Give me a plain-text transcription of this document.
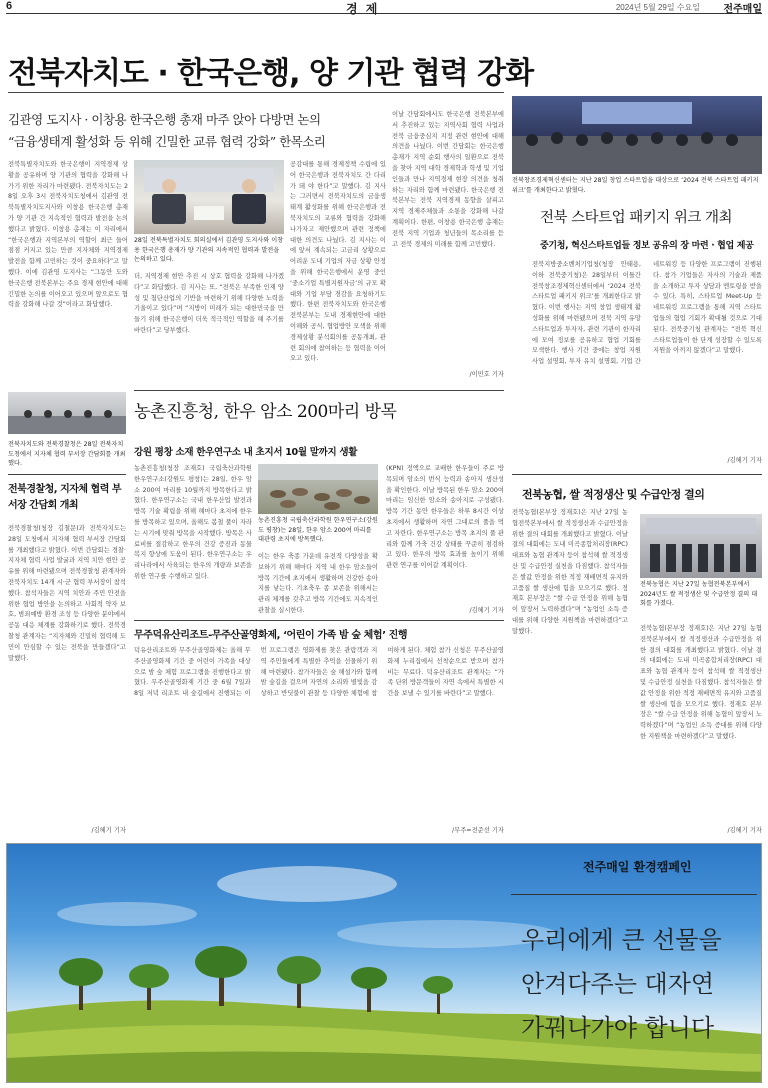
6	경 제	2024년 5월 29일 수요일 전주매일
전북자치도 · 한국은행, 양 기관 협력 강화
김관영 도지사 · 이창용 한국은행 총재 마주 앉아 다방면 논의
“금융생태계 활성화 등 위해 긴밀한 교류 협력 강화” 한목소리
전북특별자치도와 한국은행이 지역경제 상황을 공유하며 양 기관의 협력을 강화해 나가기 위한 자리가 마련됐다. 전북자치도는 28일 오후 3시 전북자치도청에서 김관영 전북특별자치도지사와 이창용 한국은행 총재가 양 기관 간 지속적인 협력과 발전을 논의했다고 밝혔다. 이창용 총재는 이 자리에서 “한국은행과 지역본부의 역할이 최근 들어 점점 커지고 있는 만큼 지자체와 지역경제 발전을 함께 고민하는 것이 중요하다”고 말했다. 이에 김관영 도지사는 “그동안 도와 한국은행 전북본부는 주요 경제 현안에 대해 긴밀한 논의를 이어오고 있으며 앞으로도 협력을 강화해 나갈 것”이라고 화답했다.
28일 전북특별자치도 회의실에서 김관영 도지사와 이창용 한국은행 총재가 양 기관의 지속적인 협력과 발전을 논의하고 있다.
더, 지역경제 현안 추진 시 상호 협력을 강화해 나가겠다”고 화답했다. 김 지사는 또, “전북은 부족한 인재 양성 및 첨단산업의 기반을 마련하기 위해 다양한 노력을 기울이고 있다”며 “지방이 미래가 되는 대한민국을 만들기 위해 한국은행이 더욱 적극적인 역할을 해 주기를 바란다”고 당부했다.
공감대를 통해 경제정책 수립에 있어 한국은행과 전북자치도 간 다리가 돼 야 한다”고 말했다. 김 지사는 그러면서 전북자치도의 금융생태계 활성화를 위해 한국은행과 전북자치도의 교류와 협력을 강화해 나가자고 제안했으며 관련 정책에 대한 의견도 나눴다. 김 지사는 이에 앞서 계속되는 고금리 상황으로 어려운 도내 기업의 자금 상황 안정을 위해 한국은행에서 운영 중인 ‘중소기업 특별지원자금’의 규모 확대와 기업 부담 경감을 요청하기도 했다. 한편 전북자치도와 한국은행 전북본부는 도내 경제현안에 대한 이해와 공식, 협업방안 모색을 위해 경제상황 분석회의를 공동개최, 관련 회의에 참여하는 등 협력을 이어오고 있다.
이날 간담회에서도 한국은행 전북본부에서 추진하고 있는 지역사회 협력 사업과 전북 금융중심지 지정 관련 현안에 대해 의견을 나눴다. 이번 간담회는 한국은행 총재가 지역 순회 행사의 일환으로 전북을 찾아 지역 대학 경제학과 학생 및 기업인들과 만나 지역경제 현장 의견을 청취하는 자리와 함께 마련됐다. 한국은행 전북본부는 전북 지역경제 동향을 살피고 지역 경제주체들과 소통을 강화해 나갈 계획이다. 한편, 이창용 한국은행 총재는 전북 지역 기업과 청년들의 목소리를 듣고 전북 경제의 미래를 함께 고민했다.
/이민호 기자
전북자치도와 전북경찰청은 28일 전북자치도청에서 지자체 협력 부서장 간담회를 개최했다.
전북경찰청, 지자체 협력 부서장 간담회 개최
전북경찰청(청장 김철문)과 전북자치도는 28일 도청에서 지자체 협력 부서장 간담회를 개최했다고 밝혔다. 이번 간담회는 경찰·지자체 협력 사업 발굴과 지역 치안 현안 공유를 위해 마련됐으며 전북경찰청 관계자와 전북자치도 14개 시·군 협력 부서장이 참석했다. 참석자들은 지역 치안과 주민 안전을 위한 협업 방안을 논의하고 사회적 약자 보호, 범죄예방 환경 조성 등 다양한 분야에서 공동 대응 체계를 강화하기로 했다. 전북경찰청 관계자는 “지자체와 긴밀히 협력해 도민이 안심할 수 있는 전북을 만들겠다”고 말했다.
/김혜기 기자
농촌진흥청, 한우 암소 200마리 방목
강원 평창 소재 한우연구소 내 초지서 10월 말까지 생활
농촌진흥청(청장 조재호) 국립축산과학원 한우연구소(강원도 평창)는 28일, 한우 암소 200여 마리를 10월까지 방목한다고 밝혔다. 한우연구소는 국내 한우산업 발전과 방목 기술 확립을 위해 해마다 초지에 한우를 방목하고 있으며, 올해도 봄철 풀이 자라는 시기에 맞춰 방목을 시작했다. 방목은 사료비를 절감하고 한우의 건강 증진과 동물복지 향상에 도움이 된다. 한우연구소는 우리나라에서 사육되는 한우의 개량과 보존을 위한 연구를 수행하고 있다.
농촌진흥청 국립축산과학원 한우연구소(강원도 평창)는 28일, 한우 암소 200여 마리를 대관령 초지에 방목했다.
이는 한우 축종 가운데 유전적 다양성을 확보하기 위해 해마다 지역 내 한우 암소들이 방목 기간에 초지에서 생활하며 건강한 송아지를 낳는다. 기초축우 종 보존을 위해서는 관리 체계를 갖추고 방목 기간에도 지속적인 관찰을 실시한다.
(KPN) 정액으로 교배한 한우들이 주로 방목되며 암소의 번식 능력과 송아지 생산성을 확인한다. 이날 방목된 한우 암소 200여 마리는 임신한 암소와 송아지로 구성됐다. 방목 기간 동안 한우들은 하루 8시간 이상 초지에서 생활하며 자연 그대로의 풀을 먹고 자란다. 한우연구소는 방목 초지의 풀 관리와 함께 가축 건강 상태를 꾸준히 점검하고 있다. 한우의 방목 효과를 높이기 위해 관련 연구를 이어갈 계획이다.
/김혜기 기자
무주덕유산리조트-무주산골영화제, ‘어린이 가족 밤 숲 체험’ 진행
덕유산리조트와 무주산골영화제는 올해 무주산골영화제 기간 중 어린이 가족을 대상으로 밤 숲 체험 프로그램을 진행한다고 밝혔다. 무주산골영화제 기간 중 6월 7일과 8일 저녁 리조트 내 숲길에서 진행되는 이번 프로그램은 영화제를 찾은 관람객과 지역 주민들에게 특별한 추억을 선물하기 위해 마련됐다. 참가자들은 숲 해설가와 함께 밤 숲길을 걸으며 자연의 소리와 별빛을 감상하고 반딧불이 관찰 등 다양한 체험에 참여하게 된다. 체험 참가 신청은 무주산골영화제 누리집에서 선착순으로 받으며 참가비는 무료다. 덕유산리조트 관계자는 “가족 단위 방문객들이 자연 속에서 특별한 시간을 보낼 수 있기를 바란다”고 말했다.
/무주=전준선 기자
전북창조경제혁신센터는 지난 28일 창업 스타트업을 대상으로 ‘2024 전북 스타트업 패키지 위크’를 개최한다고 밝혔다.
전북 스타트업 패키지 위크 개최
중기청, 혁신스타트업들 정보 공유의 장 마련 · 협업 제공
전북지방중소벤처기업청(청장 안태용, 이하 전북중기청)은 28일부터 이틀간 전북창조경제혁신센터에서 ‘2024 전북 스타트업 패키지 위크’를 개최한다고 밝혔다. 이번 행사는 지역 창업 생태계 활성화를 위해 마련됐으며 전북 지역 유망 스타트업과 투자자, 관련 기관이 한자리에 모여 정보를 공유하고 협업 기회를 모색한다. 행사 기간 중에는 창업 지원 사업 설명회, 투자 유치 설명회, 기업 간 네트워킹 등 다양한 프로그램이 진행된다. 참가 기업들은 자사의 기술과 제품을 소개하고 투자 상담과 멘토링을 받을 수 있다. 특히, 스타트업 Meet-Up 등 네트워킹 프로그램을 통해 지역 스타트업들의 협업 기회가 확대될 것으로 기대된다. 전북중기청 관계자는 “전북 혁신 스타트업들이 한 단계 성장할 수 있도록 지원을 아끼지 않겠다”고 말했다.
/김혜기 기자
전북농협, 쌀 적정생산 및 수급안정 결의
전북농협(본부장 정재호)은 지난 27일 농협전북본부에서 쌀 적정생산과 수급안정을 위한 결의 대회를 개최했다고 밝혔다. 이날 결의 대회에는 도내 미곡종합처리장(RPC) 대표와 농협 관계자 등이 참석해 쌀 적정생산 및 수급안정 실천을 다짐했다. 참석자들은 쌀값 안정을 위한 적정 재배면적 유지와 고품질 쌀 생산에 힘을 모으기로 했다. 정재호 본부장은 “쌀 수급 안정을 위해 농협이 앞장서 노력하겠다”며 “농업인 소득 증대를 위해 다양한 지원책을 마련하겠다”고 말했다.
전북농협은 지난 27일 농협전북본부에서 2024년도 쌀 적정생산 및 수급안정 결의 대회를 가졌다.
전북농협(본부장 정재호)은 지난 27일 농협전북본부에서 쌀 적정생산과 수급안정을 위한 결의 대회를 개최했다고 밝혔다. 이날 결의 대회에는 도내 미곡종합처리장(RPC) 대표와 농협 관계자 등이 참석해 쌀 적정생산 및 수급안정 실천을 다짐했다. 참석자들은 쌀값 안정을 위한 적정 재배면적 유지와 고품질 쌀 생산에 힘을 모으기로 했다. 정재호 본부장은 “쌀 수급 안정을 위해 농협이 앞장서 노력하겠다”며 “농업인 소득 증대를 위해 다양한 지원책을 마련하겠다”고 말했다.
/김혜기 기자
전주매일 환경캠페인
우리에게 큰 선물을
안겨다주는 대자연
가꿔나가야 합니다
